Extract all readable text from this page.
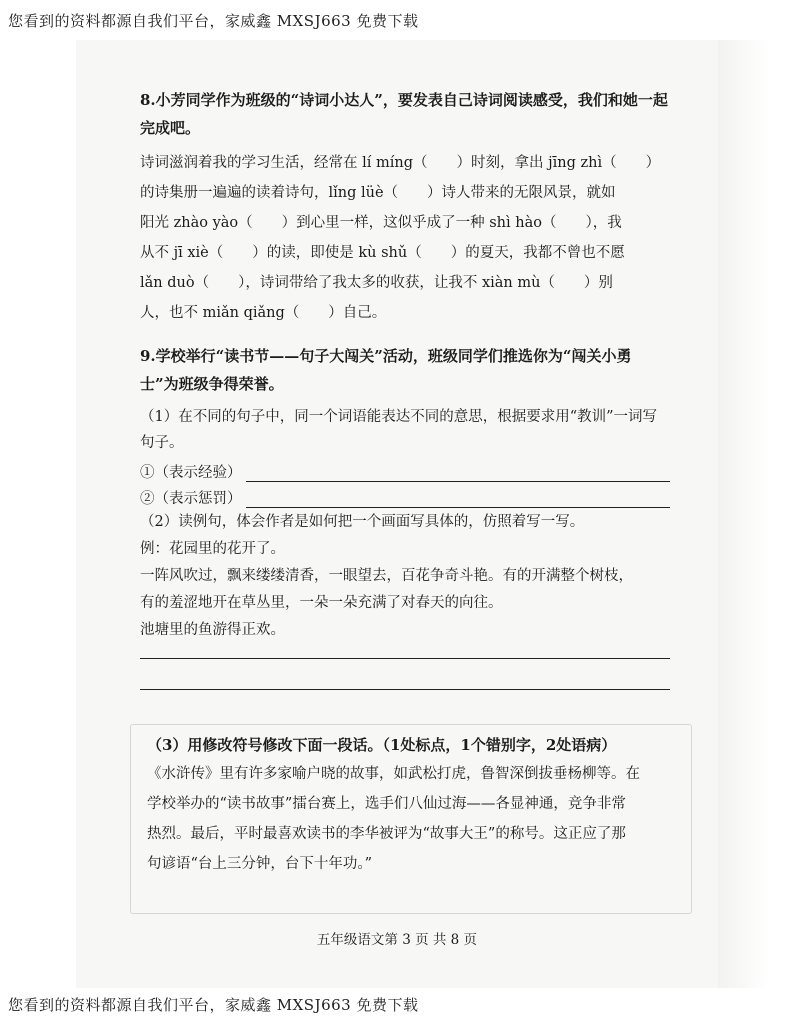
您看到的资料都源自我们平台，家威鑫 MXSJ663 免费下载

8.小芳同学作为班级的“诗词小达人”，要发表自己诗词阅读感受，我们和她一起完成吧。

诗词滋润着我的学习生活，经常在 lí míng（　　）时刻，拿出 jīng zhì（　　）

的诗集册一遍遍的读着诗句，lǐng lüè（　　）诗人带来的无限风景，就如

阳光 zhào yào（　　）到心里一样，这似乎成了一种 shì hào（　　），我

从不 jī xiè（　　）的读，即使是 kù shǔ（　　）的夏天，我都不曾也不愿

lǎn duò（　　），诗词带给了我太多的收获，让我不 xiàn mù（　　）别

人，也不 miǎn qiǎng（　　）自己。

9.学校举行“读书节——句子大闯关”活动，班级同学们推选你为“闯关小勇士”为班级争得荣誉。

（1）在不同的句子中，同一个词语能表达不同的意思，根据要求用“教训”一词写句子。

①（表示经验）
②（表示惩罚）

（2）读例句，体会作者是如何把一个画面写具体的，仿照着写一写。

例：花园里的花开了。

一阵风吹过，飘来缕缕清香，一眼望去，百花争奇斗艳。有的开满整个树枝，

有的羞涩地开在草丛里，一朵一朵充满了对春天的向往。

池塘里的鱼游得正欢。

（3）用修改符号修改下面一段话。（1处标点，1个错别字，2处语病）

《水浒传》里有许多家喻户晓的故事，如武松打虎，鲁智深倒拔垂杨柳等。在

学校举办的“读书故事”擂台赛上，选手们八仙过海——各显神通，竞争非常

热烈。最后，平时最喜欢读书的李华被评为“故事大王”的称号。这正应了那

句谚语“台上三分钟，台下十年功。”

五年级语文第 3 页 共 8 页
您看到的资料都源自我们平台，家威鑫 MXSJ663 免费下载
